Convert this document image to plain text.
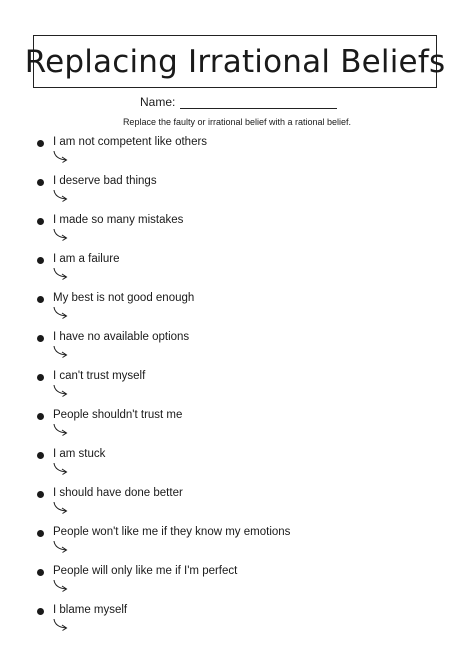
Replacing Irrational Beliefs
Name:
Replace the faulty or irrational belief with a rational belief.
I am not competent like others
I deserve bad things
I made so many mistakes
I am a failure
My best is not good enough
I have no available options
I can't trust myself
People shouldn't trust me
I am stuck
I should have done better
People won't like me if they know my emotions
People will only like me if I'm perfect
I blame myself
